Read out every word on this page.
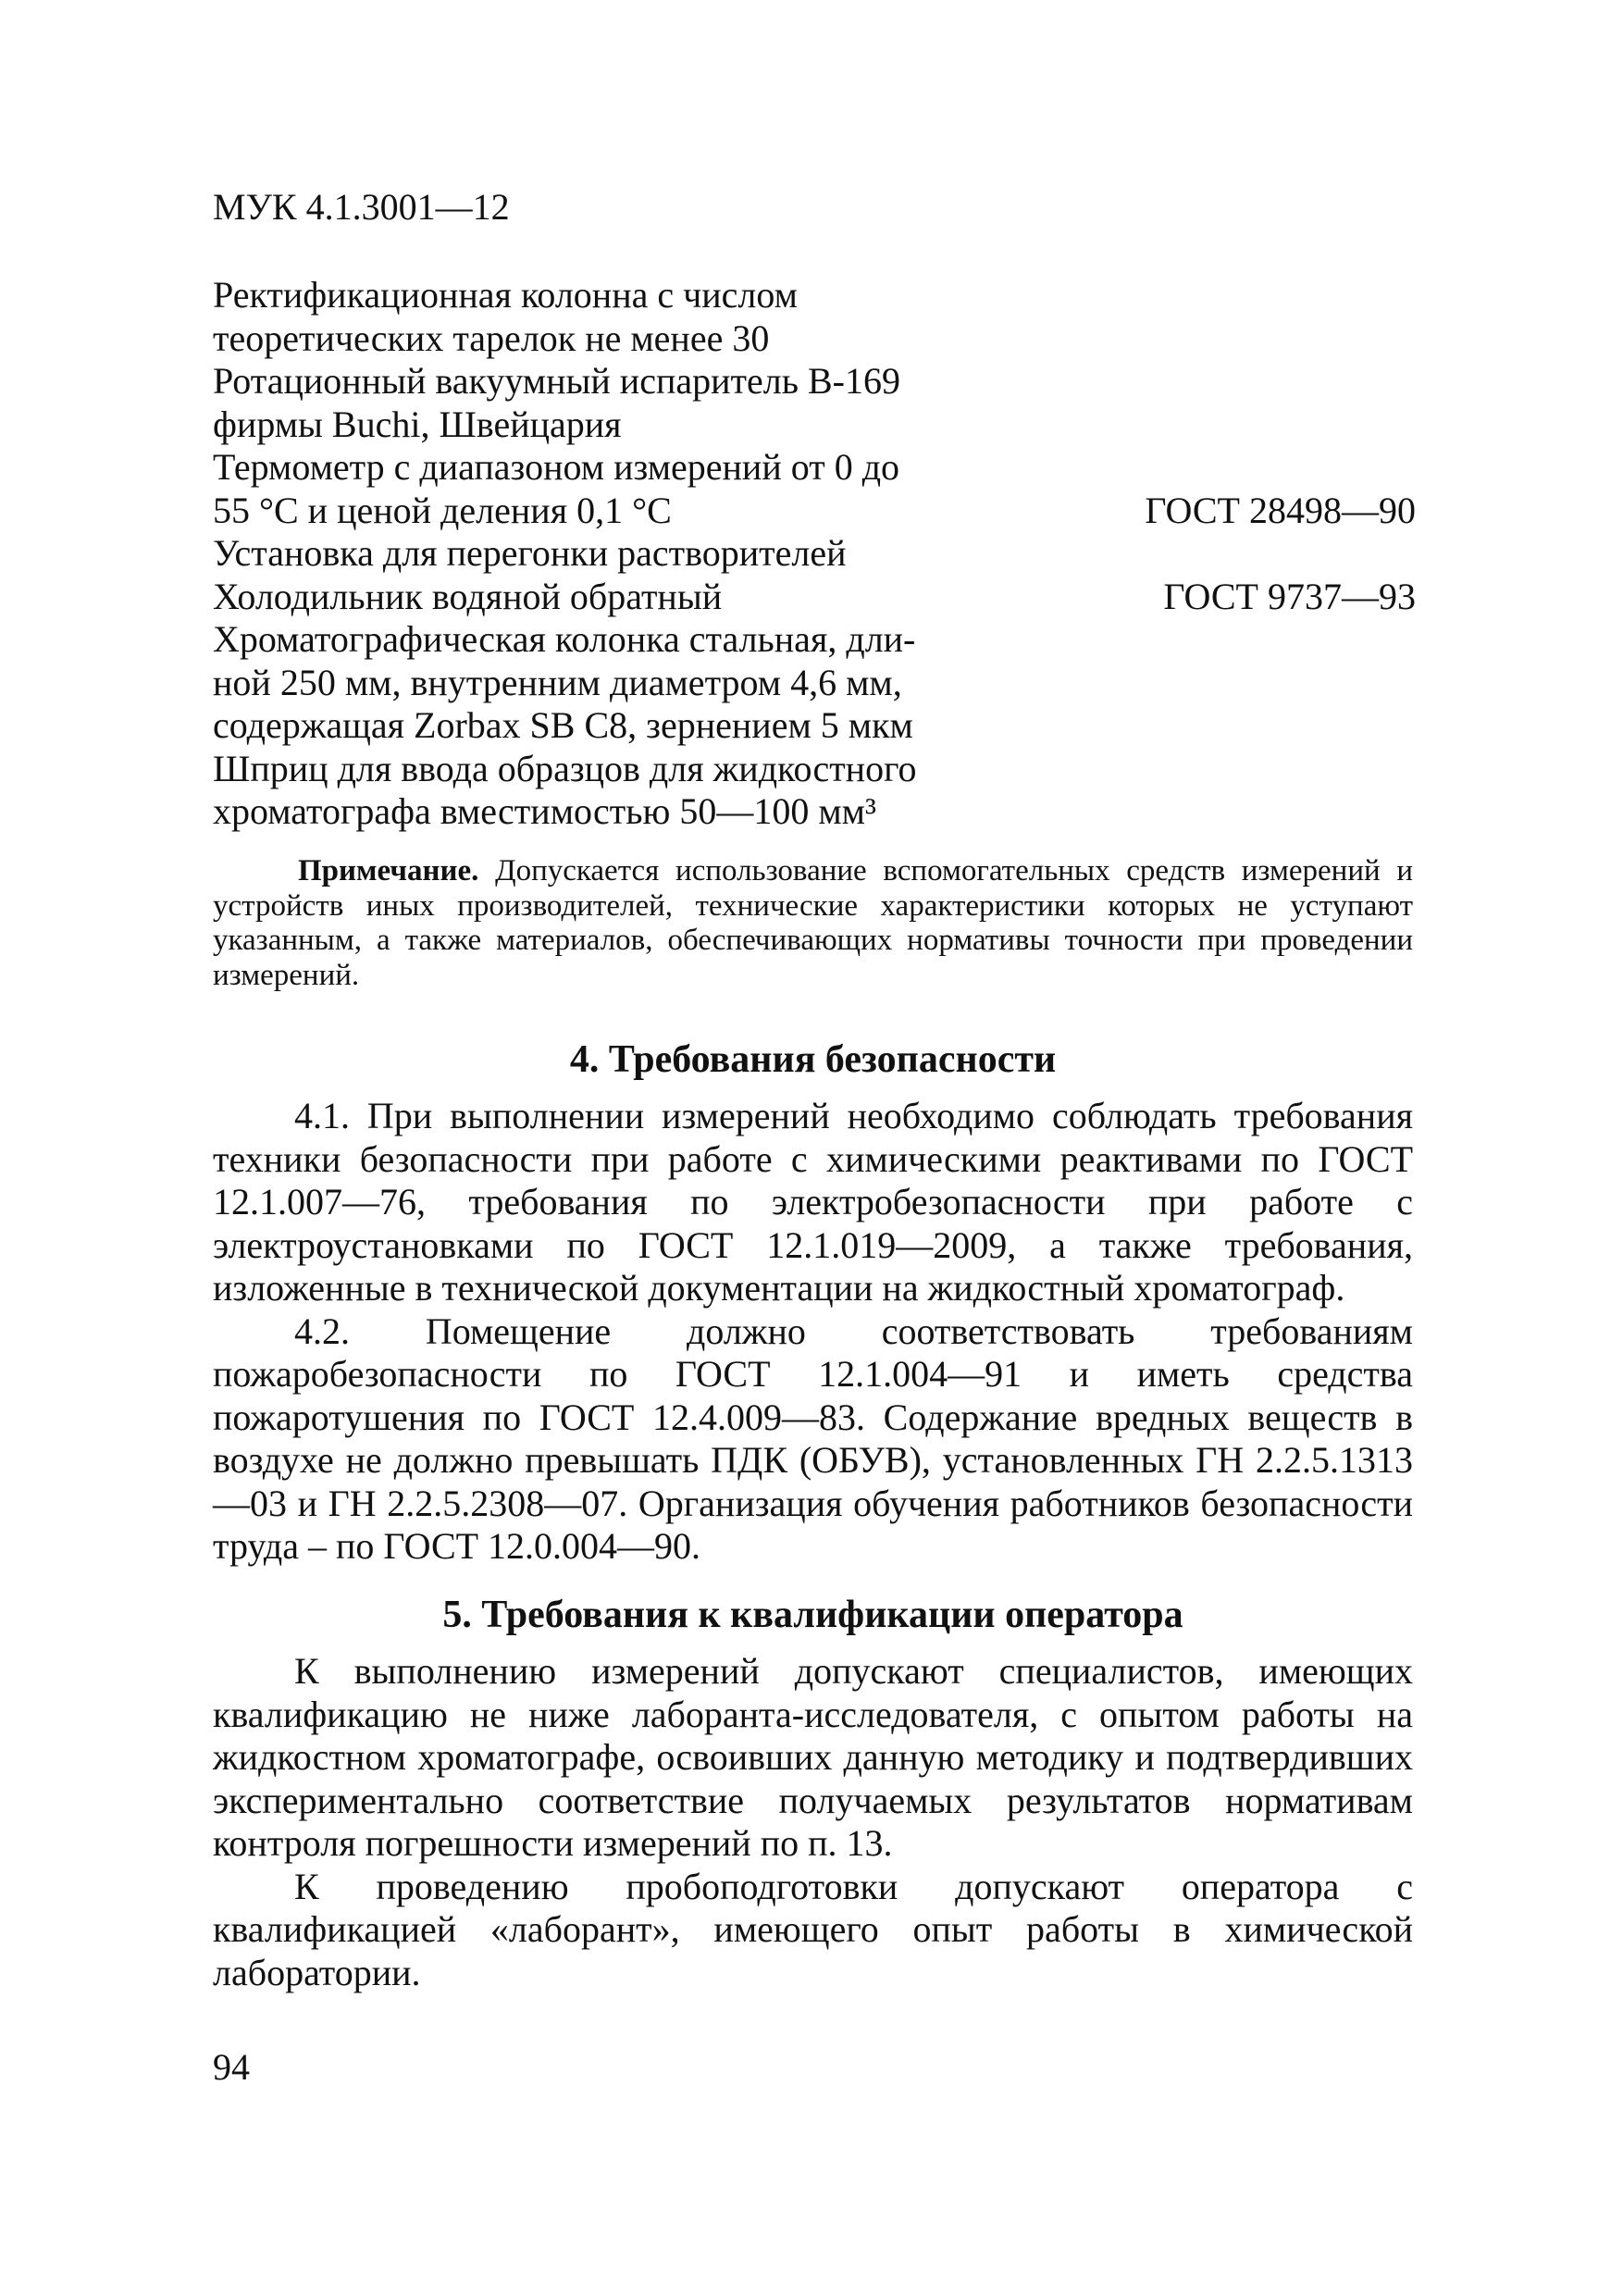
МУК 4.1.3001—12
Ректификационная колонна с числом
теоретических тарелок не менее 30
Ротационный вакуумный испаритель В-169
фирмы Buchi, Швейцария
Термометр с диапазоном измерений от 0 до
55 °С и ценой деления 0,1 °С	ГОСТ 28498—90
Установка для перегонки растворителей
Холодильник водяной обратный	ГОСТ 9737—93
Хроматографическая колонка стальная, дли-
ной 250 мм, внутренним диаметром 4,6 мм,
содержащая Zorbax SB C8, зернением 5 мкм
Шприц для ввода образцов для жидкостного
хроматографа вместимостью 50—100 мм³

Примечание. Допускается использование вспомогательных средств измерений и устройств иных производителей, технические характеристики которых не уступают указанным, а также материалов, обеспечивающих нормативы точности при проведении измерений.

4. Требования безопасности

4.1. При выполнении измерений необходимо соблюдать требования техники безопасности при работе с химическими реактивами по ГОСТ 12.1.007—76, требования по электробезопасности при работе с электроустановками по ГОСТ 12.1.019—2009, а также требования, изложенные в технической документации на жидкостный хроматограф.

4.2. Помещение должно соответствовать требованиям пожаробезопасности по ГОСТ 12.1.004—91 и иметь средства пожаротушения по ГОСТ 12.4.009—83. Содержание вредных веществ в воздухе не должно превышать ПДК (ОБУВ), установленных ГН 2.2.5.1313—03 и ГН 2.2.5.2308—07. Организация обучения работников безопасности труда – по ГОСТ 12.0.004—90.

5. Требования к квалификации оператора

К выполнению измерений допускают специалистов, имеющих квалификацию не ниже лаборанта-исследователя, с опытом работы на жидкостном хроматографе, освоивших данную методику и подтвердивших экспериментально соответствие получаемых результатов нормативам контроля погрешности измерений по п. 13.

К проведению пробоподготовки допускают оператора с квалификацией «лаборант», имеющего опыт работы в химической лаборатории.

94
